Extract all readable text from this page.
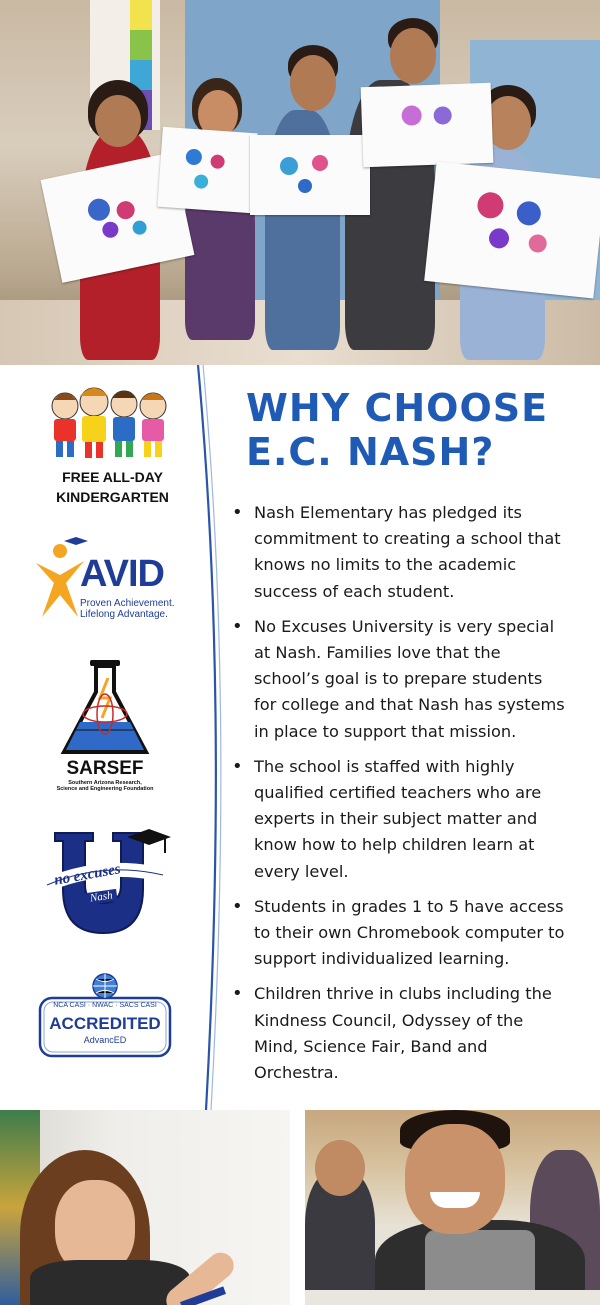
FREE ALL-DAY
KINDERGARTEN
AVID
Proven Achievement.
Lifelong Advantage.
SARSEF
Southern Arizona Research,
Science and Engineering Foundation
no excuses
Nash
NCA CASI · NWAC · SACS CASI
ACCREDITED
AdvancED
WHY CHOOSE
E.C. NASH?
• Nash Elementary has pledged its commitment to creating a school that knows no limits to the academic success of each student.
• No Excuses University is very special at Nash. Families love that the school’s goal is to prepare students for college and that Nash has systems in place to support that mission.
• The school is staffed with highly qualified certified teachers who are experts in their subject matter and know how to help children learn at every level.
• Students in grades 1 to 5 have access to their own Chromebook computer to support individualized learning.
• Children thrive in clubs including the Kindness Council, Odyssey of the Mind, Science Fair, Band and Orchestra.
